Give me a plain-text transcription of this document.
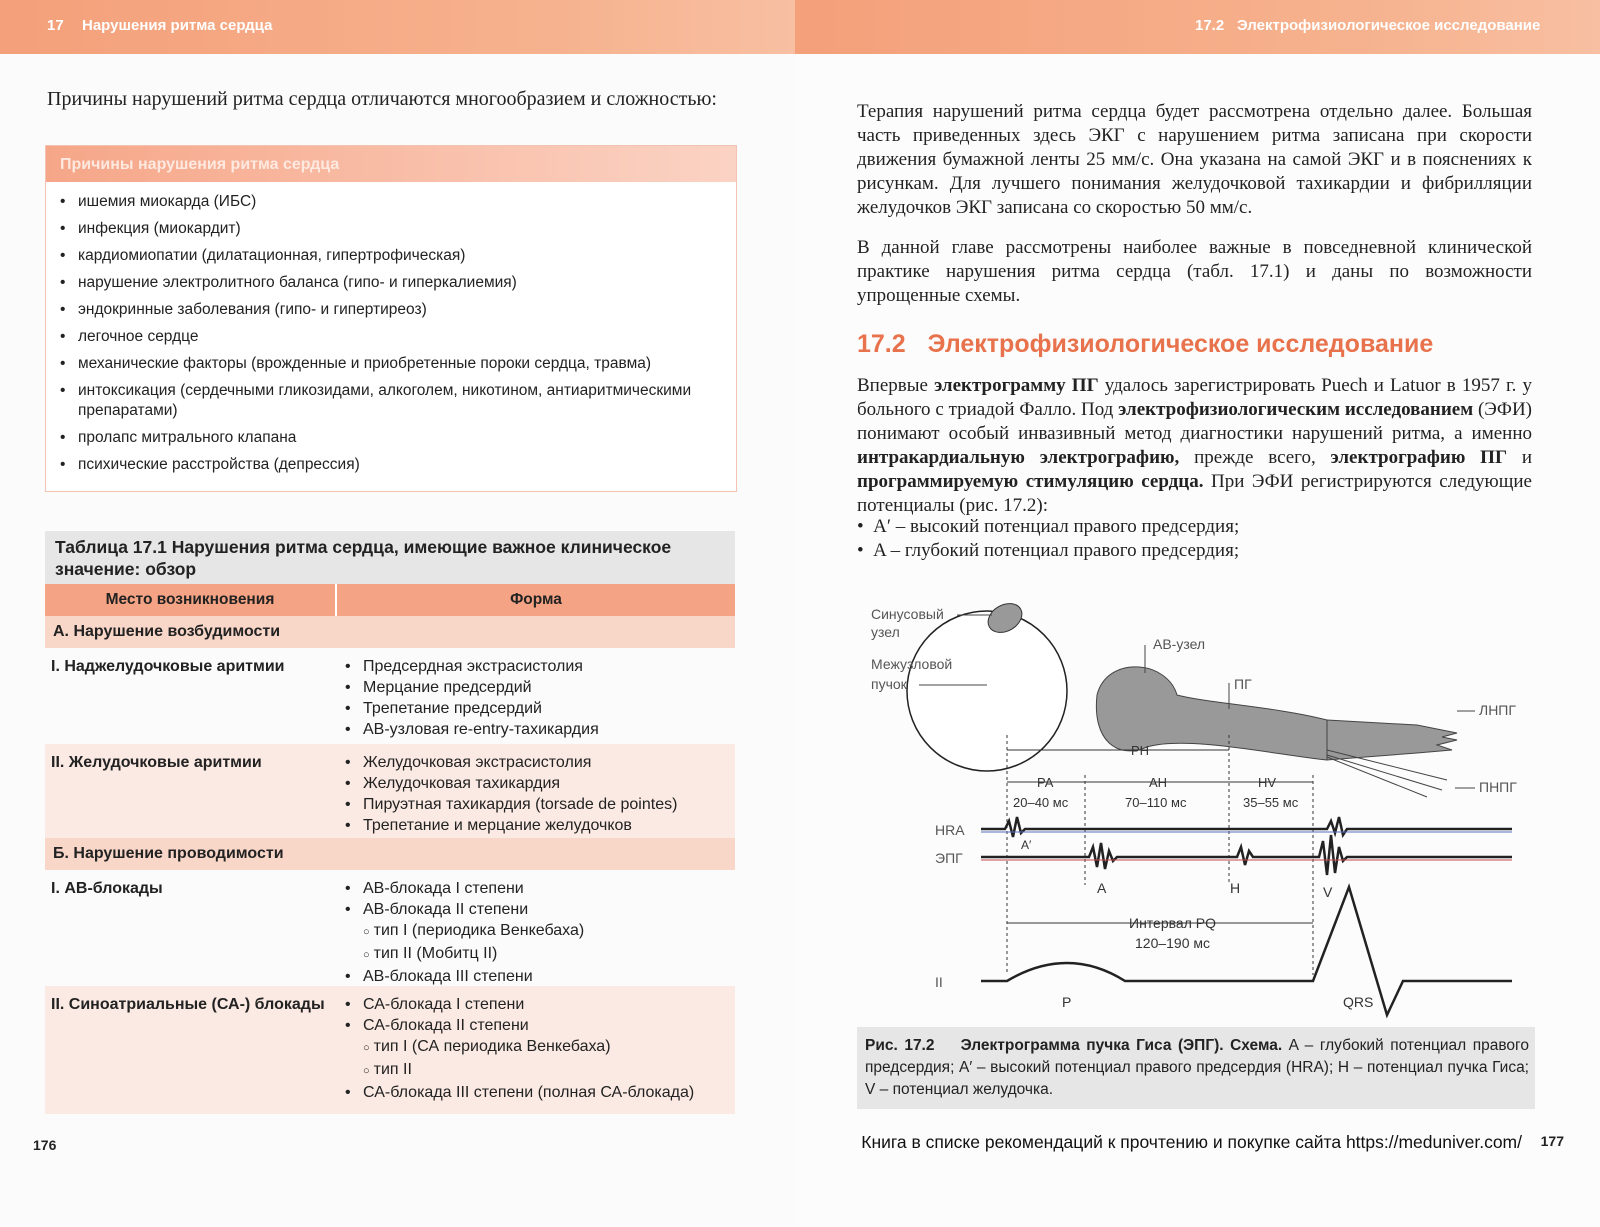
17 Нарушения ритма сердца
Причины нарушений ритма сердца отличаются многообразием и сложностью:
Причины нарушения ритма сердца
• ишемия миокарда (ИБС)
• инфекция (миокардит)
• кардиомиопатии (дилатационная, гипертрофическая)
• нарушение электролитного баланса (гипо- и гиперкалиемия)
• эндокринные заболевания (гипо- и гипертиреоз)
• легочное сердце
• механические факторы (врожденные и приобретенные пороки сердца, травма)
• интоксикация (сердечными гликозидами, алкоголем, никотином, антиаритмическими препаратами)
• пролапс митрального клапана
• психические расстройства (депрессия)
Таблица 17.1 Нарушения ритма сердца, имеющие важное клиническое значение: обзор
Место возникновения	Форма
А. Нарушение возбудимости
I. Наджелудочковые аритмии	• Предсердная экстрасистолия
• Мерцание предсердий
• Трепетание предсердий
• АВ-узловая re-entry-тахикардия
II. Желудочковые аритмии	• Желудочковая экстрасистолия
• Желудочковая тахикардия
• Пируэтная тахикардия (torsade de pointes)
• Трепетание и мерцание желудочков
Б. Нарушение проводимости
I. АВ-блокады	• АВ-блокада I степени
• АВ-блокада II степени
○ тип I (периодика Венкебаха)
○ тип II (Мобитц II)
• АВ-блокада III степени
II. Синоатриальные (СА-) блокады	• СА-блокада I степени
• СА-блокада II степени
○ тип I (СА периодика Венкебаха)
○ тип II
• СА-блокада III степени (полная СА-блокада)
176
17.2 Электрофизиологическое исследование
Терапия нарушений ритма сердца будет рассмотрена отдельно далее. Большая часть приведенных здесь ЭКГ с нарушением ритма записана при скорости движения бумажной ленты 25 мм/с. Она указана на самой ЭКГ и в пояснениях к рисункам. Для лучшего понимания желудочковой тахикардии и фибрилляции желудочков ЭКГ записана со скоростью 50 мм/с.
В данной главе рассмотрены наиболее важные в повседневной клинической практике нарушения ритма сердца (табл. 17.1) и даны по возможности упрощенные схемы.
17.2 Электрофизиологическое исследование
Впервые электрограмму ПГ удалось зарегистрировать Puech и Latuor в 1957 г. у больного с триадой Фалло. Под электрофизиологическим исследованием (ЭФИ) понимают особый инвазивный метод диагностики нарушений ритма, а именно интракардиальную электрографию, прежде всего, электрографию ПГ и программируемую стимуляцию сердца. При ЭФИ регистрируются следующие потенциалы (рис. 17.2):
•  A′ – высокий потенциал правого предсердия;
•  A – глубокий потенциал правого предсердия;
Синусовый
узел
Межузловой
пучок
АВ-узел
ПГ
ЛНПГ
ПНПГ
PH
PA	AH	HV
20–40 мс	70–110 мс	35–55 мс
HRA
A′
ЭПГ
A	H	V
Интервал PQ
120–190 мс
II
P	QRS
Рис. 17.2 Электрограмма пучка Гиса (ЭПГ). Схема. A – глубокий потенциал правого предсердия; A′ – высокий потенциал правого предсердия (HRA); H – потенциал пучка Гиса; V – потенциал желудочка.
177
Книга в списке рекомендаций к прочтению и покупке сайта https://meduniver.com/
